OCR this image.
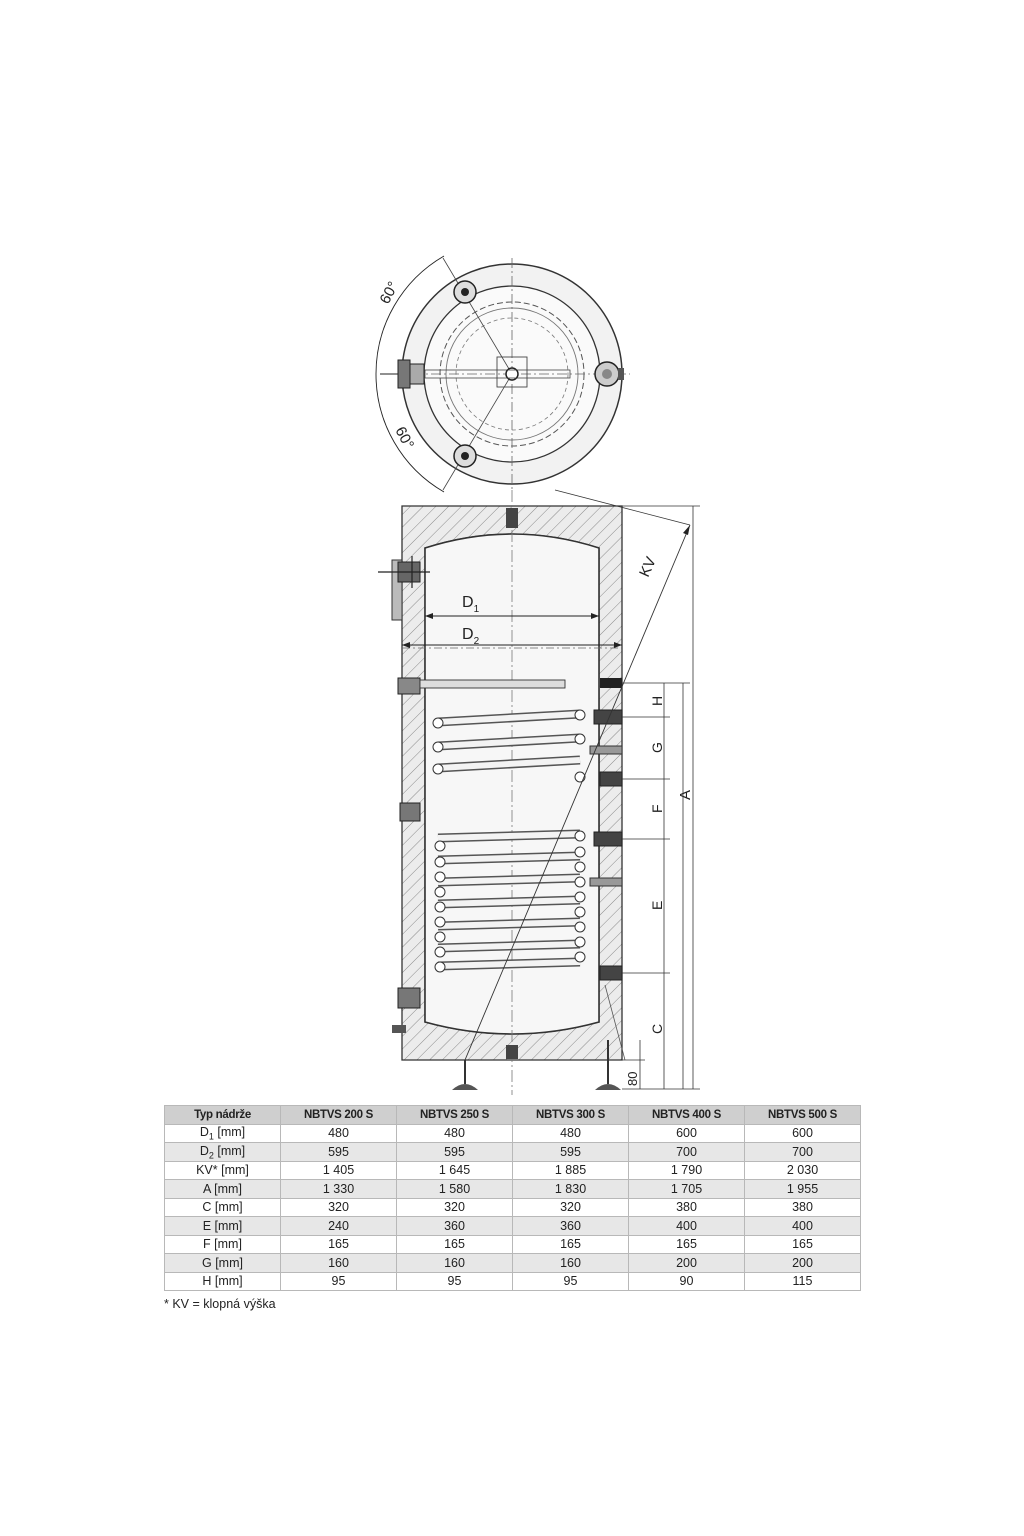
60°
60°
$D_1$
$D_2$
KV
A
H
G
F
E
C
80
Typ nádrže	NBTVS 200 S	NBTVS 250 S	NBTVS 300 S	NBTVS 400 S	NBTVS 500 S
$D_1$ [mm]	480	480	480	600	600
$D_2$ [mm]	595	595	595	700	700
KV* [mm]	1 405	1 645	1 885	1 790	2 030
A [mm]	1 330	1 580	1 830	1 705	1 955
C [mm]	320	320	320	380	380
E [mm]	240	360	360	400	400
F [mm]	165	165	165	165	165
G [mm]	160	160	160	200	200
H [mm]	95	95	95	90	115
* KV = klopná výška
